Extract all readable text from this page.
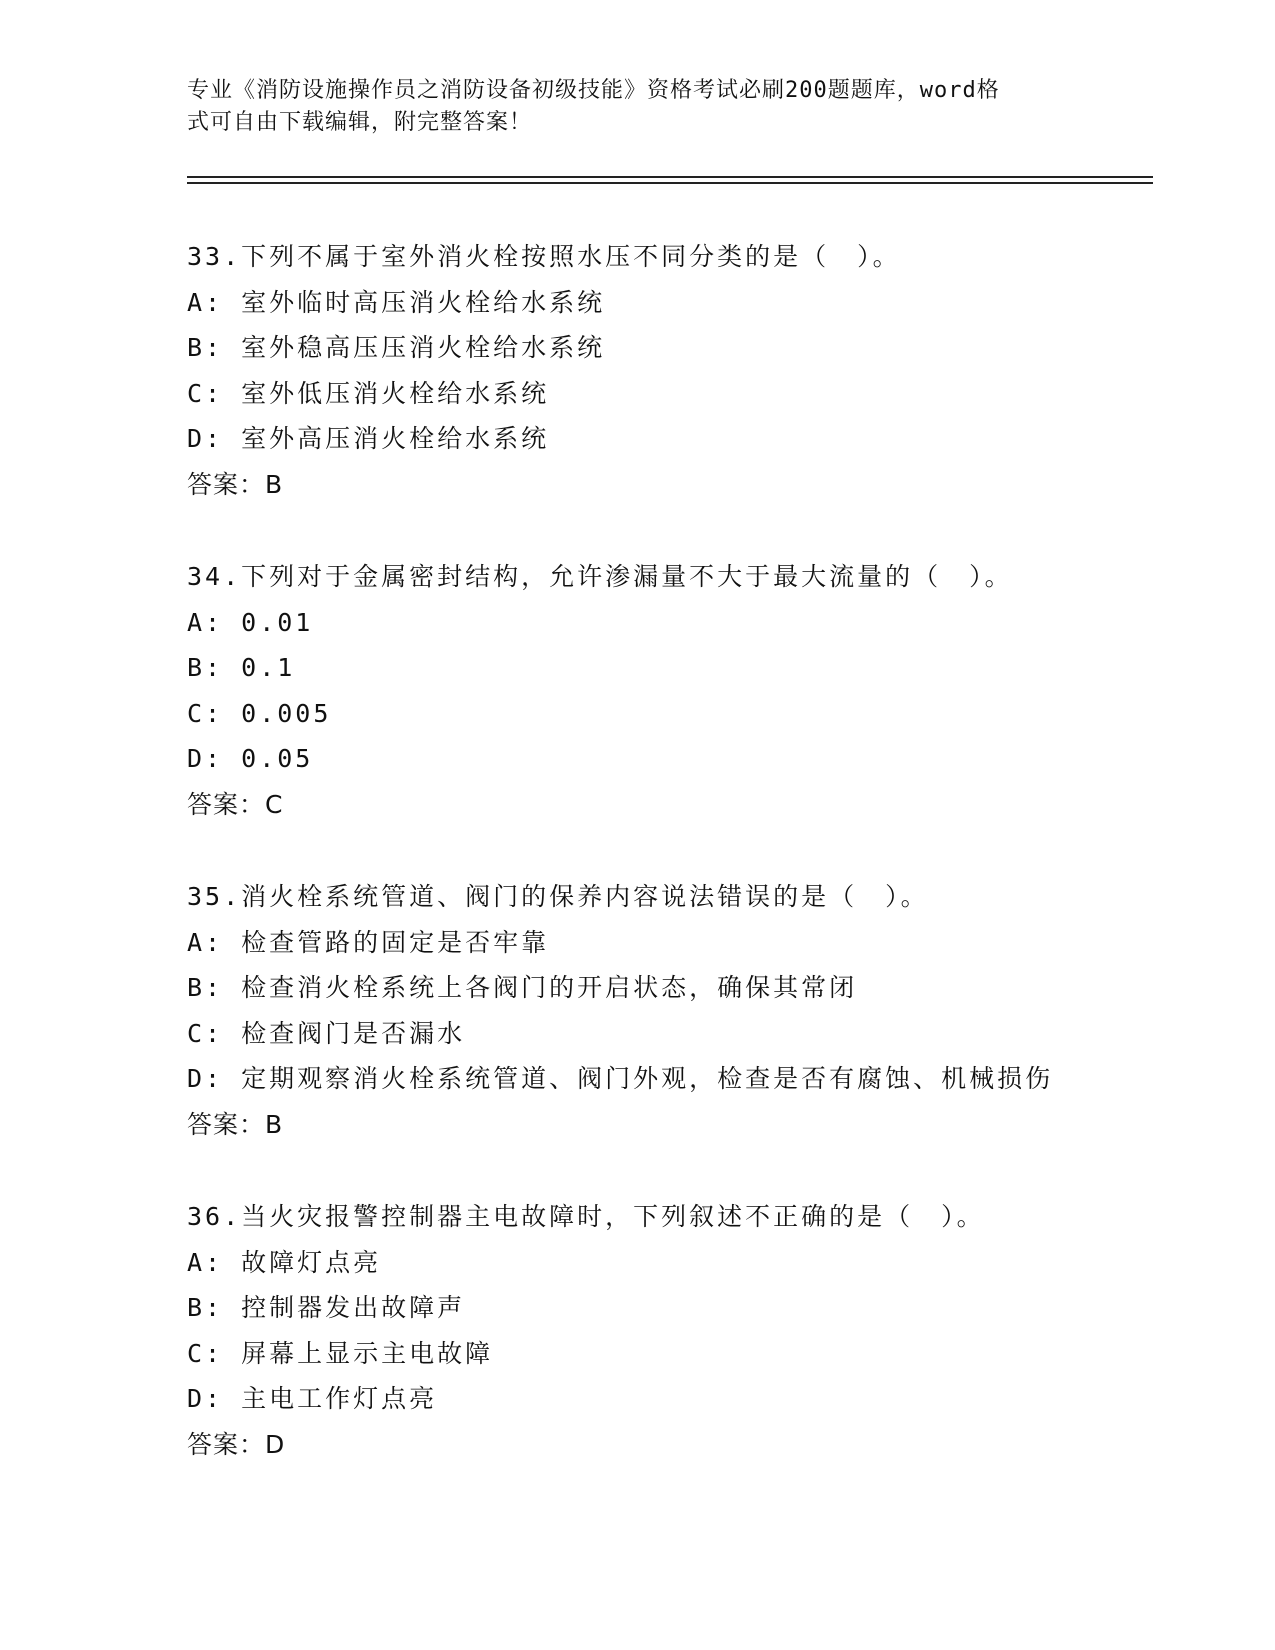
专业《消防设施操作员之消防设备初级技能》资格考试必刷200题题库，word格
式可自由下载编辑，附完整答案！
33.下列不属于室外消火栓按照水压不同分类的是（　）。
A: 室外临时高压消火栓给水系统
B: 室外稳高压压消火栓给水系统
C: 室外低压消火栓给水系统
D: 室外高压消火栓给水系统
答案：B
34.下列对于金属密封结构，允许渗漏量不大于最大流量的（　）。
A: 0.01
B: 0.1
C: 0.005
D: 0.05
答案：C
35.消火栓系统管道、阀门的保养内容说法错误的是（　）。
A: 检查管路的固定是否牢靠
B: 检查消火栓系统上各阀门的开启状态，确保其常闭
C: 检查阀门是否漏水
D: 定期观察消火栓系统管道、阀门外观，检查是否有腐蚀、机械损伤
答案：B
36.当火灾报警控制器主电故障时，下列叙述不正确的是（　）。
A: 故障灯点亮
B: 控制器发出故障声
C: 屏幕上显示主电故障
D: 主电工作灯点亮
答案：D
